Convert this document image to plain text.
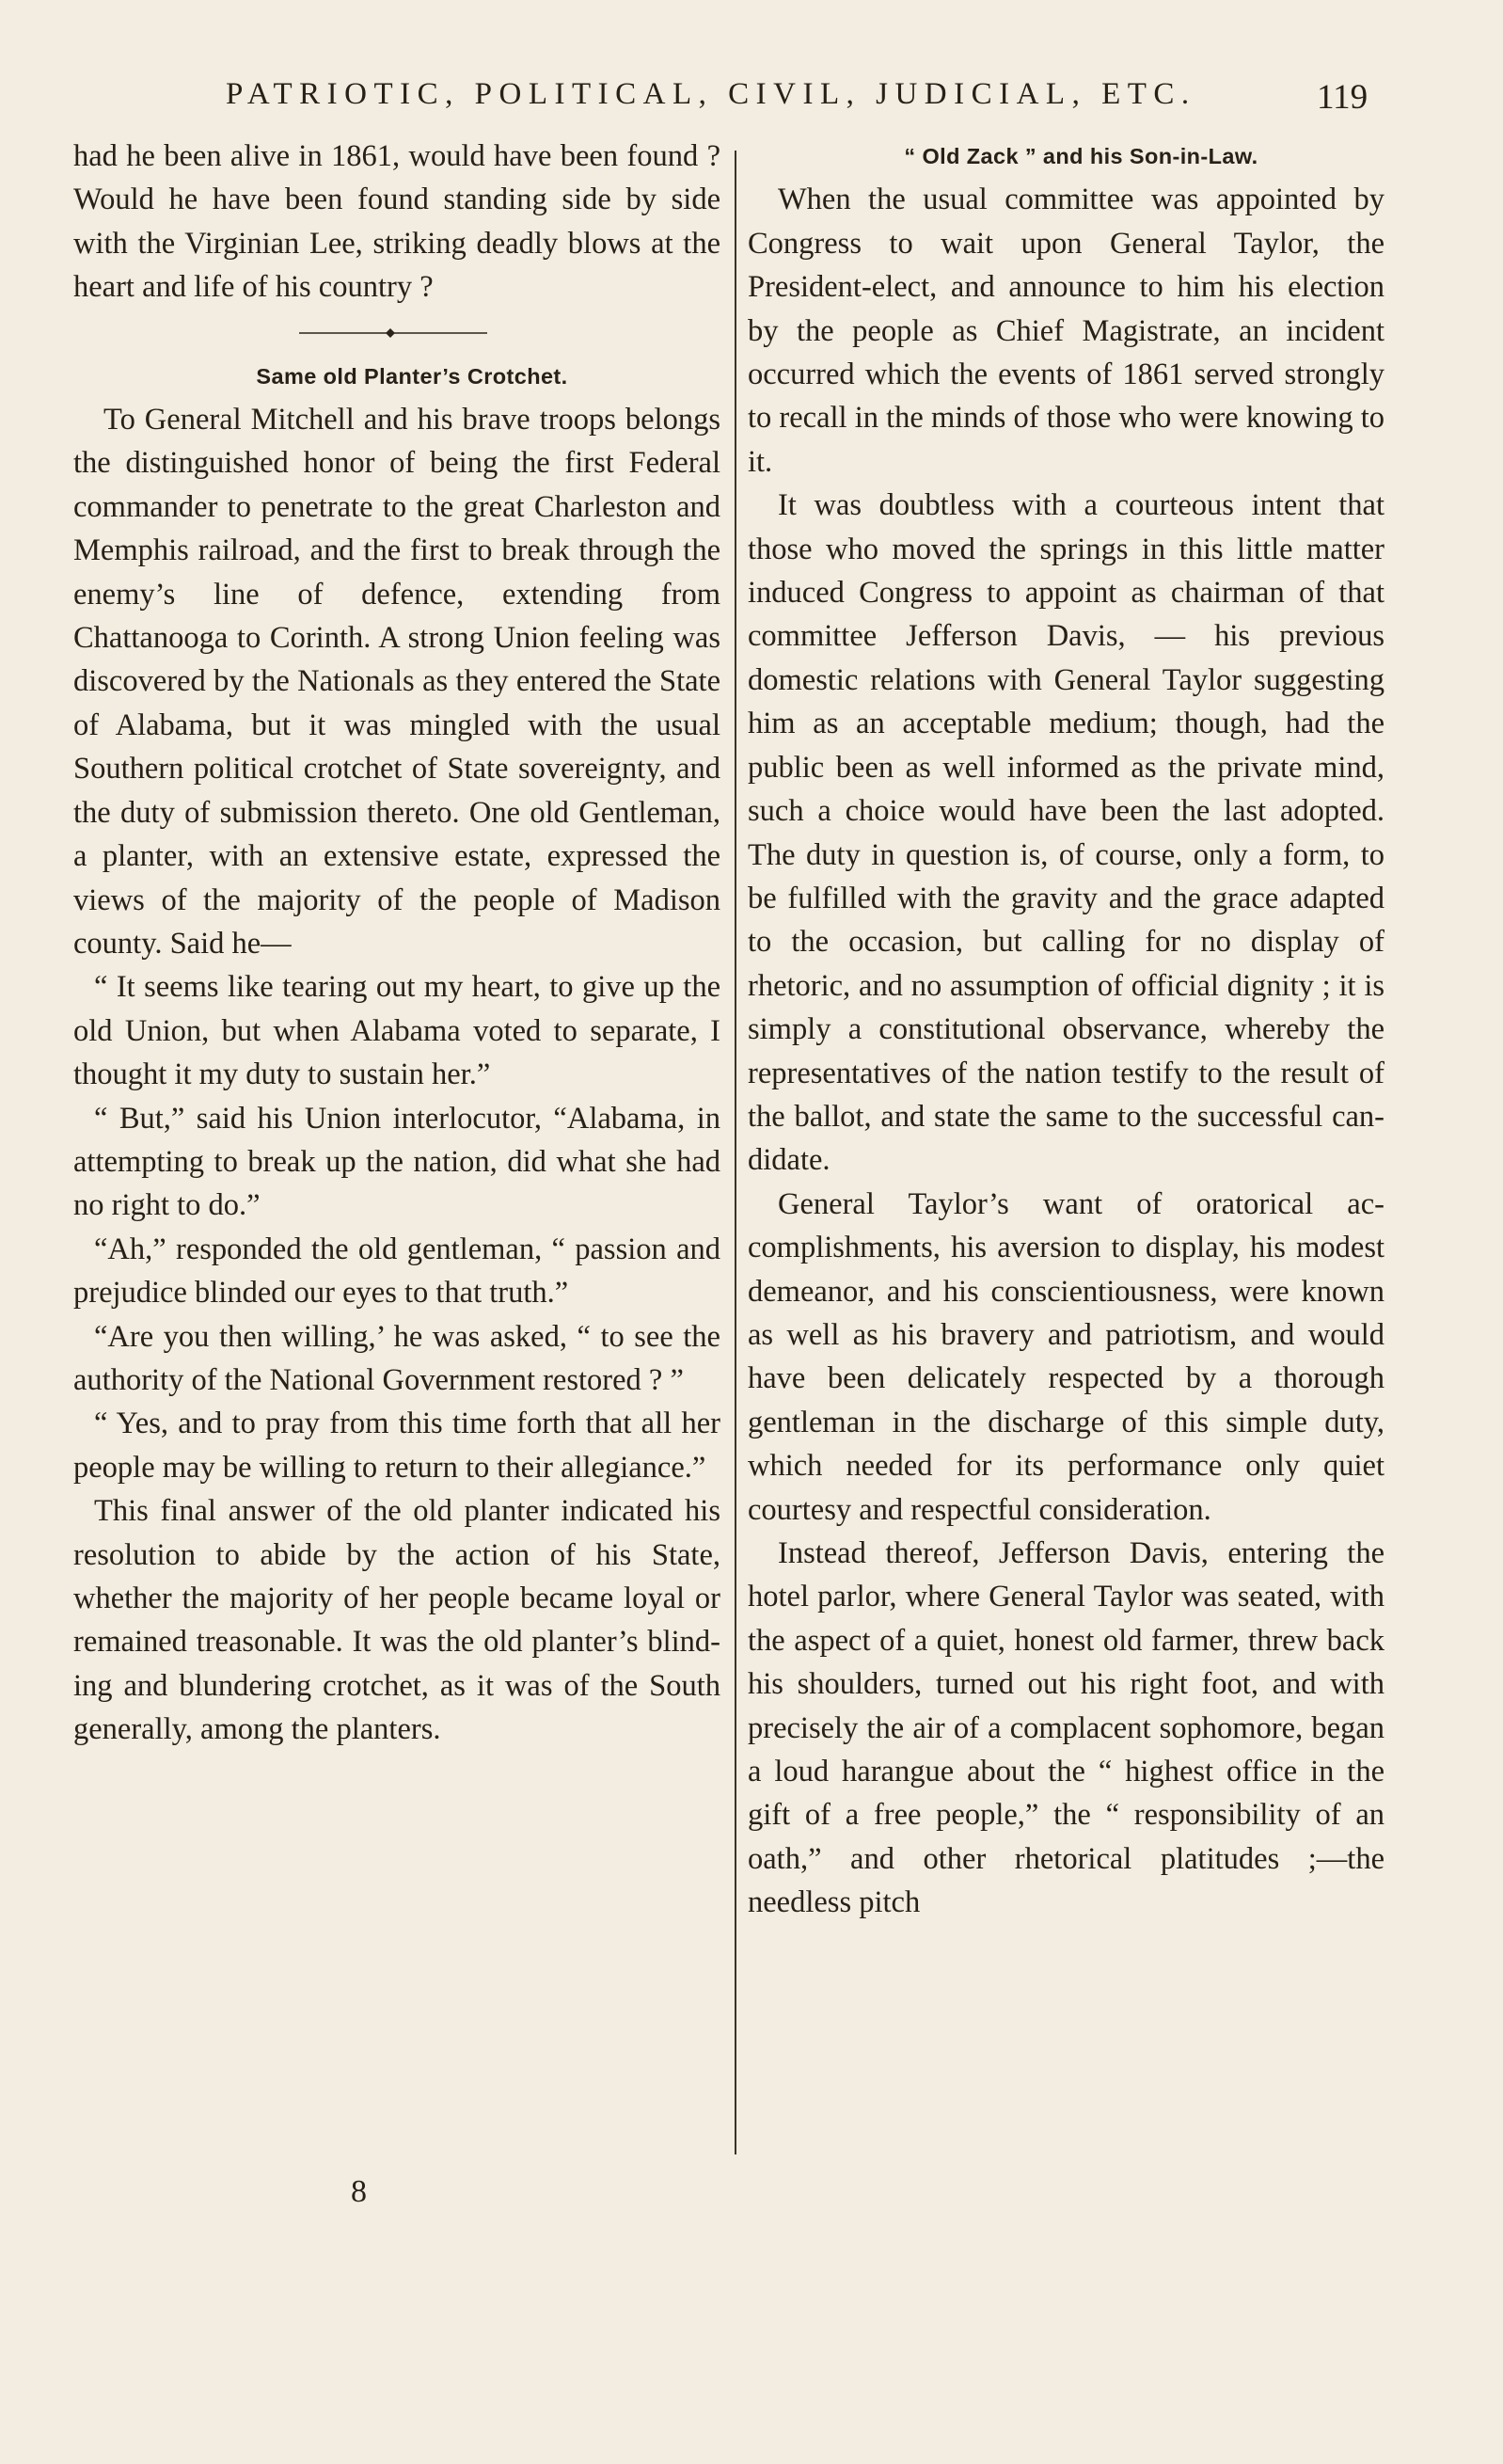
PATRIOTIC, POLITICAL, CIVIL, JUDICIAL, ETC.	119

had he been alive in 1861, would have been found ? Would he have been found standing side by side with the Virginian Lee, striking deadly blows at the heart and life of his country ?

Same old Planter’s Crotchet.

To General Mitchell and his brave troops belongs the distinguished honor of being the first Federal commander to penetrate to the great Charleston and Memphis railroad, and the first to break through the enemy’s line of defence, extending from Chattanooga to Corinth. A strong Union feeling was discovered by the Nationals as they entered the State of Alabama, but it was mingled with the usual Southern political crotchet of State sovereignty, and the duty of submission thereto. One old Gentleman, a planter, with an extensive estate, expressed the views of the majority of the people of Madison county. Said he—

“ It seems like tearing out my heart, to give up the old Union, but when Alabama voted to separate, I thought it my duty to sustain her.”

“ But,” said his Union interlocutor, “Alabama, in attempting to break up the nation, did what she had no right to do.”

“Ah,” responded the old gentleman, “ passion and prejudice blinded our eyes to that truth.”

“Are you then willing,’ he was asked, “ to see the authority of the National Government restored ? ”

“ Yes, and to pray from this time forth that all her people may be willing to return to their allegiance.”

This final answer of the old planter indicated his resolution to abide by the action of his State, whether the majority of her people became loyal or remained treasonable. It was the old planter’s blinding and blundering crotchet, as it was of the South generally, among the planters.

“ Old Zack ” and his Son-in-Law.

When the usual committee was appointed by Congress to wait upon General Taylor, the President-elect, and announce to him his election by the people as Chief Magistrate, an incident occurred which the events of 1861 served strongly to recall in the minds of those who were knowing to it.

It was doubtless with a courteous intent that those who moved the springs in this little matter induced Congress to appoint as chairman of that committee Jefferson Davis, — his previous domestic relations with General Taylor suggesting him as an acceptable medium; though, had the public been as well informed as the private mind, such a choice would have been the last adopted. The duty in question is, of course, only a form, to be fulfilled with the gravity and the grace adapted to the occasion, but calling for no display of rhetoric, and no assumption of official dignity ; it is simply a constitutional observance, whereby the representatives of the nation testify to the result of the ballot, and state the same to the successful candidate.

General Taylor’s want of oratorical accomplishments, his aversion to display, his modest demeanor, and his conscientiousness, were known as well as his bravery and patriotism, and would have been delicately respected by a thorough gentleman in the discharge of this simple duty, which needed for its performance only quiet courtesy and respectful consideration.

Instead thereof, Jefferson Davis, entering the hotel parlor, where General Taylor was seated, with the aspect of a quiet, honest old farmer, threw back his shoulders, turned out his right foot, and with precisely the air of a complacent sophomore, began a loud harangue about the “ highest office in the gift of a free people,” the “ responsibility of an oath,” and other rhetorical platitudes ;—the needless pitch

8
